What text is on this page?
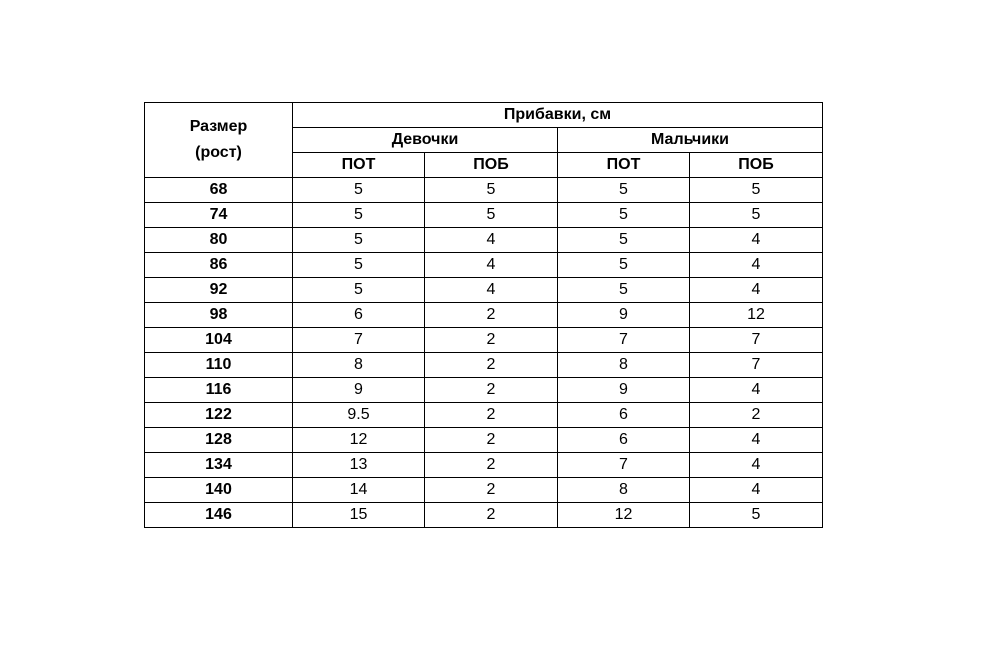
Размер
(рост)	Прибавки, см			
	Девочки		Мальчики	
	ПОТ	ПОБ	ПОТ	ПОБ
68	5	5	5	5
74	5	5	5	5
80	5	4	5	4
86	5	4	5	4
92	5	4	5	4
98	6	2	9	12
104	7	2	7	7
110	8	2	8	7
116	9	2	9	4
122	9.5	2	6	2
128	12	2	6	4
134	13	2	7	4
140	14	2	8	4
146	15	2	12	5
